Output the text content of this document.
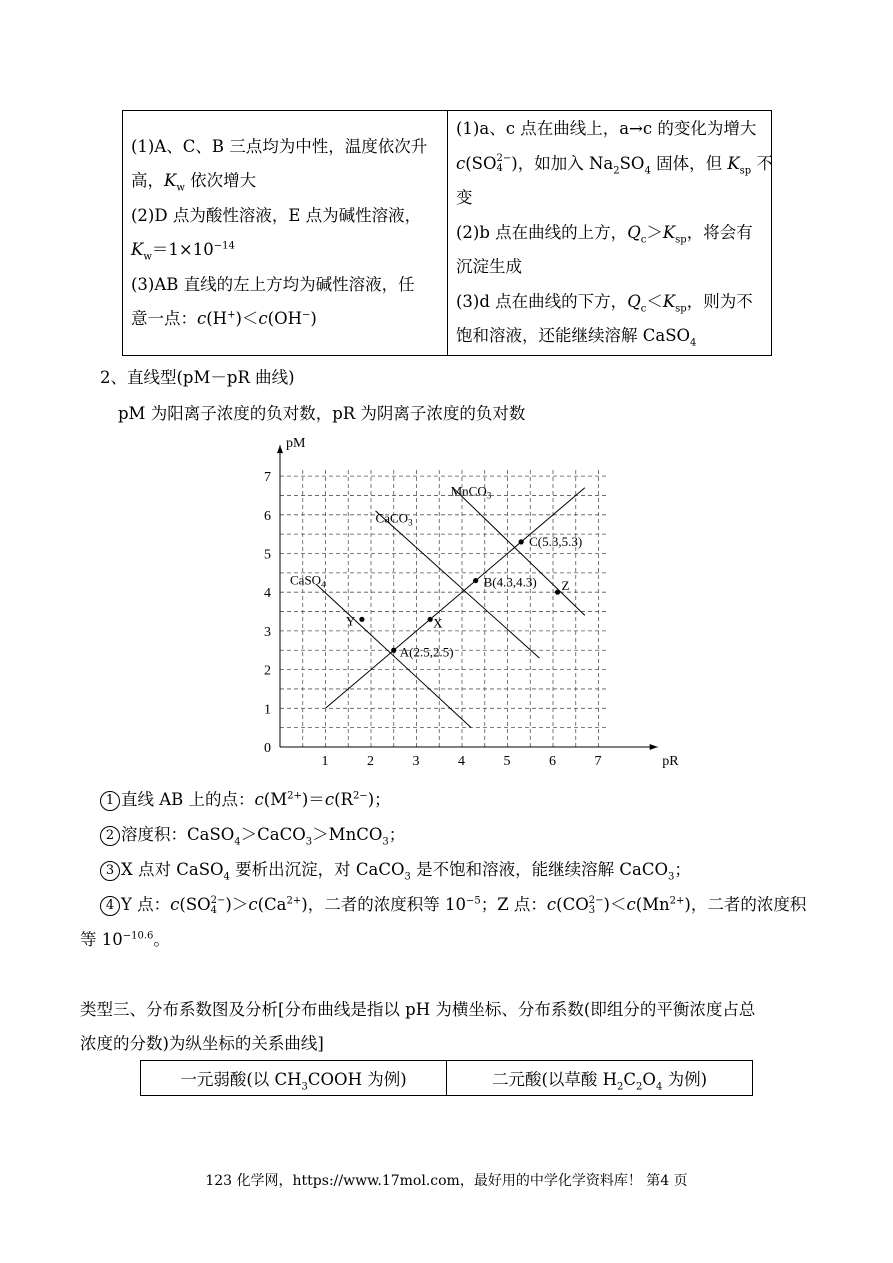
(1)A、C、B 三点均为中性，温度依次升
高，$K_w$ 依次增大
(2)D 点为酸性溶液，E 点为碱性溶液，
$K_w=1\times 10^{-14}$
(3)AB 直线的左上方均为碱性溶液，任
意一点：c(H+)＜c(OH−)

(1)a、c 点在曲线上，a→c 的变化为增大
c(SO 2−
4 )，如加入 $Na_2SO_4$ 固体，但 $K_{sp}$ 不
变
(2)b 点在曲线的上方，$Q_c>K_{sp}$，将会有
沉淀生成
(3)d 点在曲线的下方，$Q_c<K_{sp}$，则为不
饱和溶液，还能继续溶解 CaSO$_4$
2、直线型(pM－pR 曲线)
pM 为阳离子浓度的负对数，pR 为阴离子浓度的负对数
pR
pM
1	2	3	4	5	6	7
0
1
2
3
4
5
6
7
CaSO$_4$
CaCO$_3$
MnCO$_3$
A(2.5,2.5)
B(4.3,4.3)
C(5.3,5.3)
X
Y
Z
1 直线 AB 上的点：$c(M^{2+})=c(R^{2-})$；
2 溶度积：CaSO$_4$＞CaCO$_3$＞MnCO$_3$；
3 X 点对 CaSO$_4$ 要析出沉淀，对 CaCO$_3$ 是不饱和溶液，能继续溶解 CaCO$_3$；
4 Y 点：c(SO 2−
4 )$>c(Ca^{2+})$，二者的浓度积等 $10^{-5}$；Z 点：c(CO 2−
3 )$<c(Mn^{2+})$，二者的浓度积
等 $10^{-10.6}$。
类型三、分布系数图及分析[分布曲线是指以 pH 为横坐标、分布系数(即组分的平衡浓度占总
浓度的分数)为纵坐标的关系曲线]
一元弱酸(以 $CH_3COOH$ 为例)	二元酸(以草酸 $H_2C_2O_4$ 为例)
123 化学网，https://www.17mol.com，最好用的中学化学资料库！ 第4 页
